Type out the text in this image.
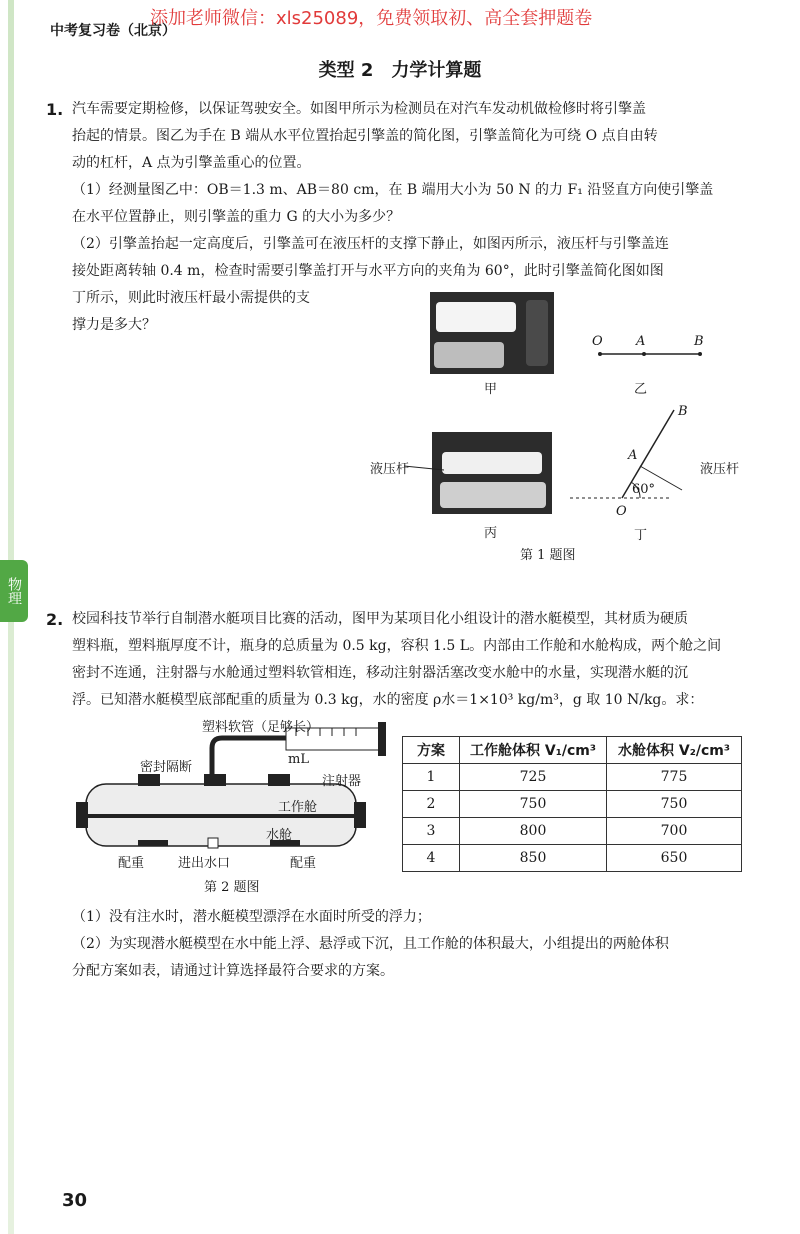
物理
添加老师微信：xls25089，免费领取初、高全套押题卷
中考复习卷（北京）
类型 2　力学计算题
1. 汽车需要定期检修，以保证驾驶安全。如图甲所示为检测员在对汽车发动机做检修时将引擎盖
抬起的情景。图乙为手在 B 端从水平位置抬起引擎盖的简化图，引擎盖简化为可绕 O 点自由转
动的杠杆，A 点为引擎盖重心的位置。
（1）经测量图乙中：OB＝1.3 m、AB＝80 cm，在 B 端用大小为 50 N 的力 F₁ 沿竖直方向使引擎盖
在水平位置静止，则引擎盖的重力 G 的大小为多少？
（2）引擎盖抬起一定高度后，引擎盖可在液压杆的支撑下静止，如图丙所示，液压杆与引擎盖连
接处距离转轴 0.4 m，检查时需要引擎盖打开与水平方向的夹角为 60°，此时引擎盖简化图如图
丁所示，则此时液压杆最小需提供的支
撑力是多大？
甲
O	A	B
乙
液压杆
丙
B
A
60°
O
液压杆
丁
第 1 题图
2. 校园科技节举行自制潜水艇项目比赛的活动，图甲为某项目化小组设计的潜水艇模型，其材质为硬质
塑料瓶，塑料瓶厚度不计，瓶身的总质量为 0.5 kg，容积 1.5 L。内部由工作舱和水舱构成，两个舱之间
密封不连通，注射器与水舱通过塑料软管相连，移动注射器活塞改变水舱中的水量，实现潜水艇的沉
浮。已知潜水艇模型底部配重的质量为 0.3 kg，水的密度 ρ水＝1×10³ kg/m³，g 取 10 N/kg。求：
塑料软管（足够长）
密封隔断
mL
注射器
工作舱
水舱
配重	进出水口	配重
第 2 题图
方案	工作舱体积 V₁/cm³	水舱体积 V₂/cm³
1	725	775
2	750	750
3	800	700
4	850	650
（1）没有注水时，潜水艇模型漂浮在水面时所受的浮力；
（2）为实现潜水艇模型在水中能上浮、悬浮或下沉，且工作舱的体积最大，小组提出的两舱体积
分配方案如表，请通过计算选择最符合要求的方案。
30
